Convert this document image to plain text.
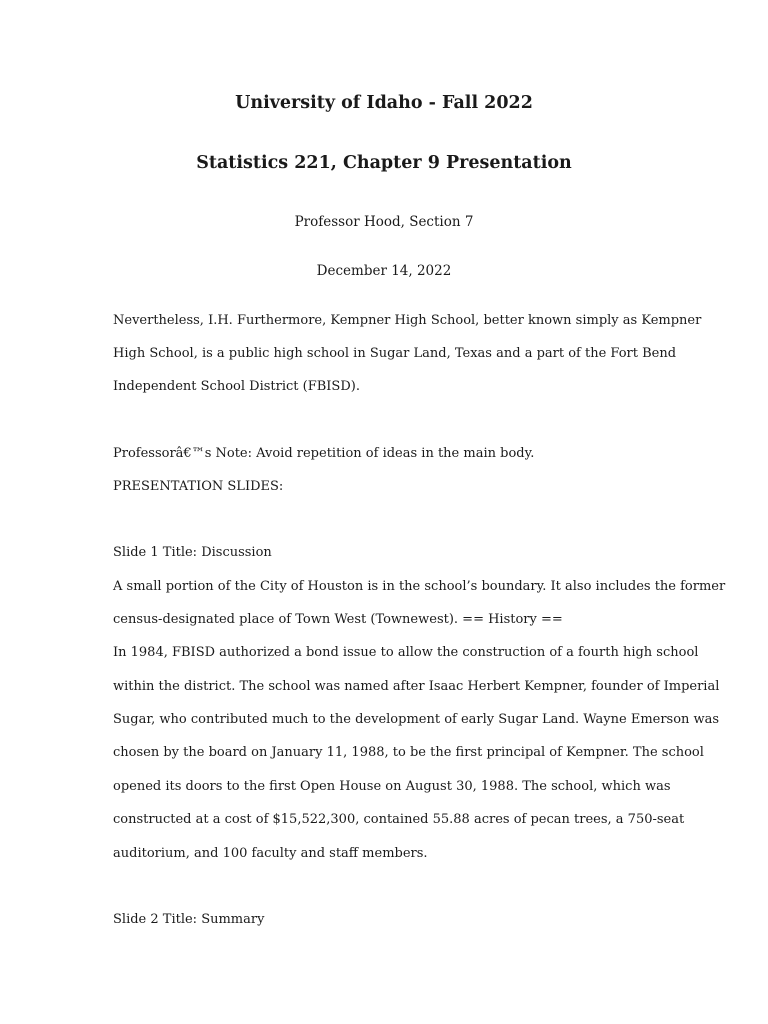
University of Idaho - Fall 2022
Statistics 221, Chapter 9 Presentation
Professor Hood, Section 7
December 14, 2022
Nevertheless, I.H. Furthermore, Kempner High School, better known simply as Kempner
High School, is a public high school in Sugar Land, Texas and a part of the Fort Bend
Independent School District (FBISD).
Professorâ€™s Note: Avoid repetition of ideas in the main body.
PRESENTATION SLIDES:
Slide 1 Title: Discussion
A small portion of the City of Houston is in the school’s boundary. It also includes the former
census-designated place of Town West (Townewest). == History ==
In 1984, FBISD authorized a bond issue to allow the construction of a fourth high school
within the district. The school was named after Isaac Herbert Kempner, founder of Imperial
Sugar, who contributed much to the development of early Sugar Land. Wayne Emerson was
chosen by the board on January 11, 1988, to be the first principal of Kempner. The school
opened its doors to the first Open House on August 30, 1988. The school, which was
constructed at a cost of $15,522,300, contained 55.88 acres of pecan trees, a 750-seat
auditorium, and 100 faculty and staff members.
Slide 2 Title: Summary
